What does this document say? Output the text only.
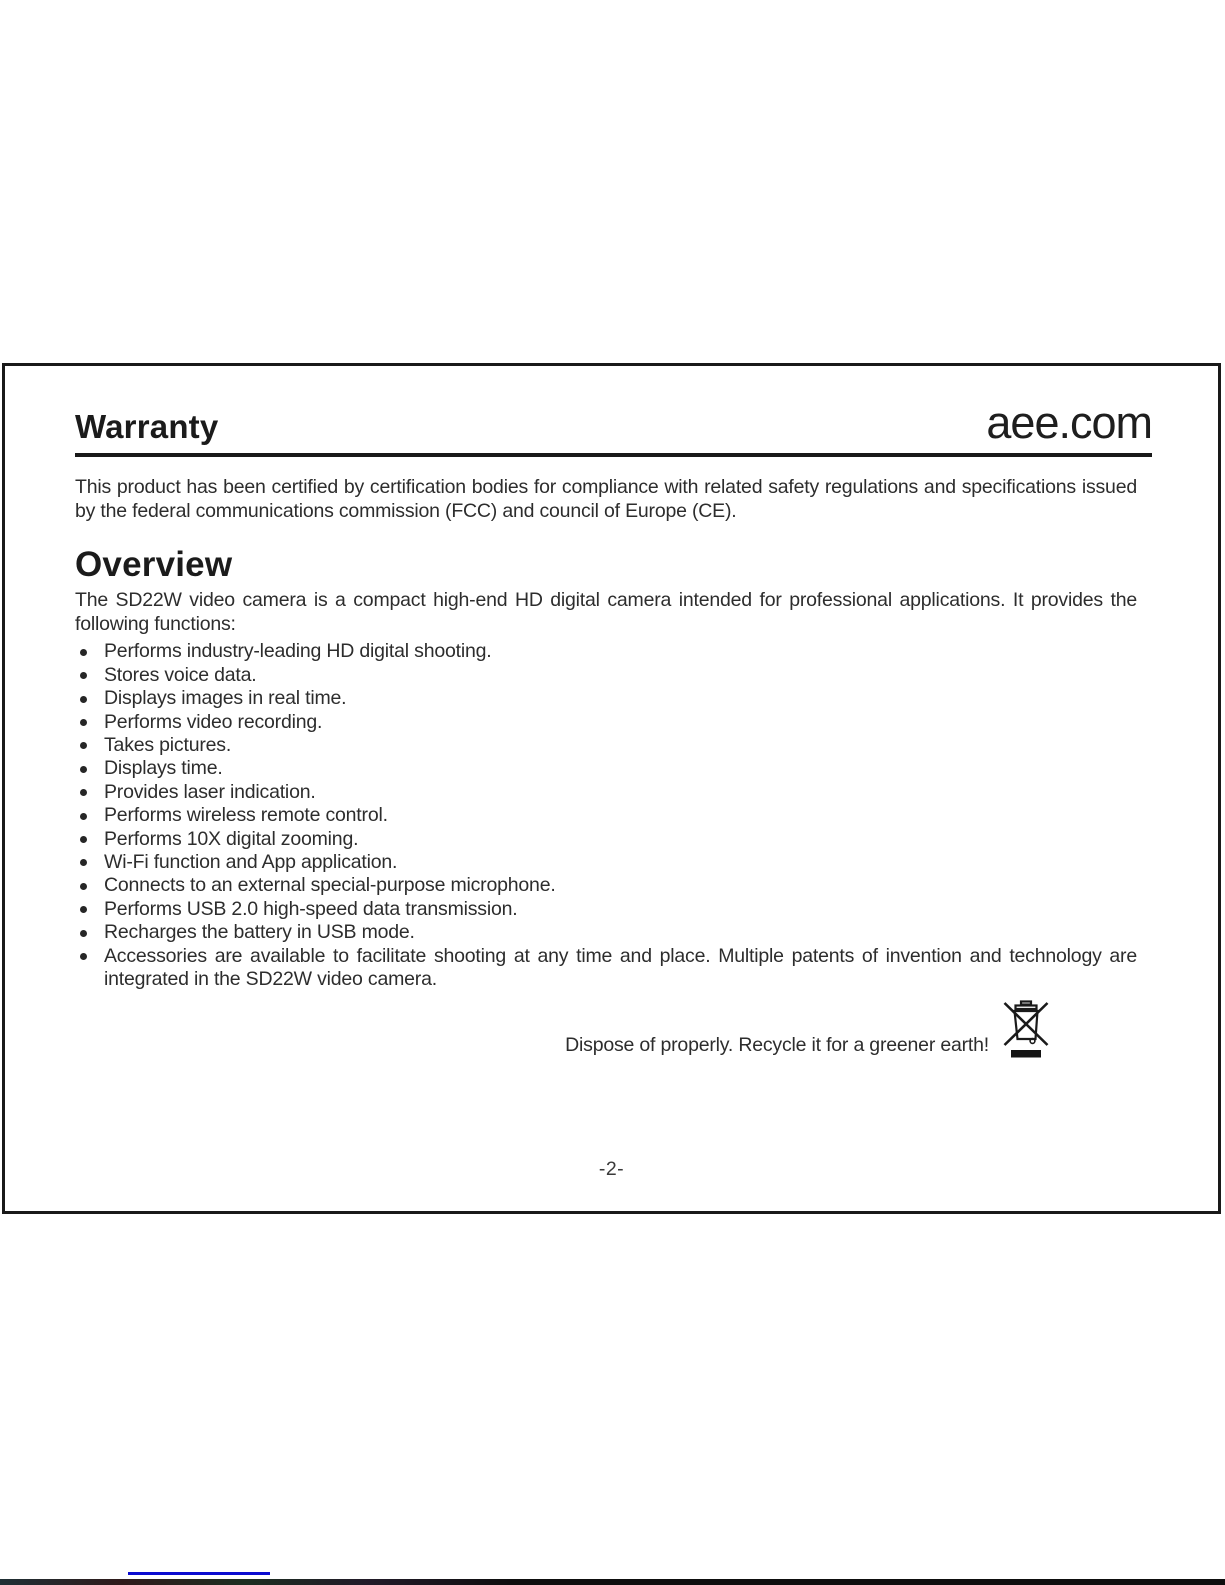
Warranty	aee.com

This product has been certified by certification bodies for compliance with related safety regulations and specifications issued by the federal communications commission (FCC) and council of Europe (CE).

Overview

The SD22W video camera is a compact high-end HD digital camera intended for professional applications. It provides the following functions:

Performs industry-leading HD digital shooting.
Stores voice data.
Displays images in real time.
Performs video recording.
Takes pictures.
Displays time.
Provides laser indication.
Performs wireless remote control.
Performs 10X digital zooming.
Wi-Fi function and App application.
Connects to an external special-purpose microphone.
Performs USB 2.0 high-speed data transmission.
Recharges the battery in USB mode.
Accessories are available to facilitate shooting at any time and place. Multiple patents of invention and technology are integrated in the SD22W video camera.
Dispose of properly. Recycle it for a greener earth!
-2-
